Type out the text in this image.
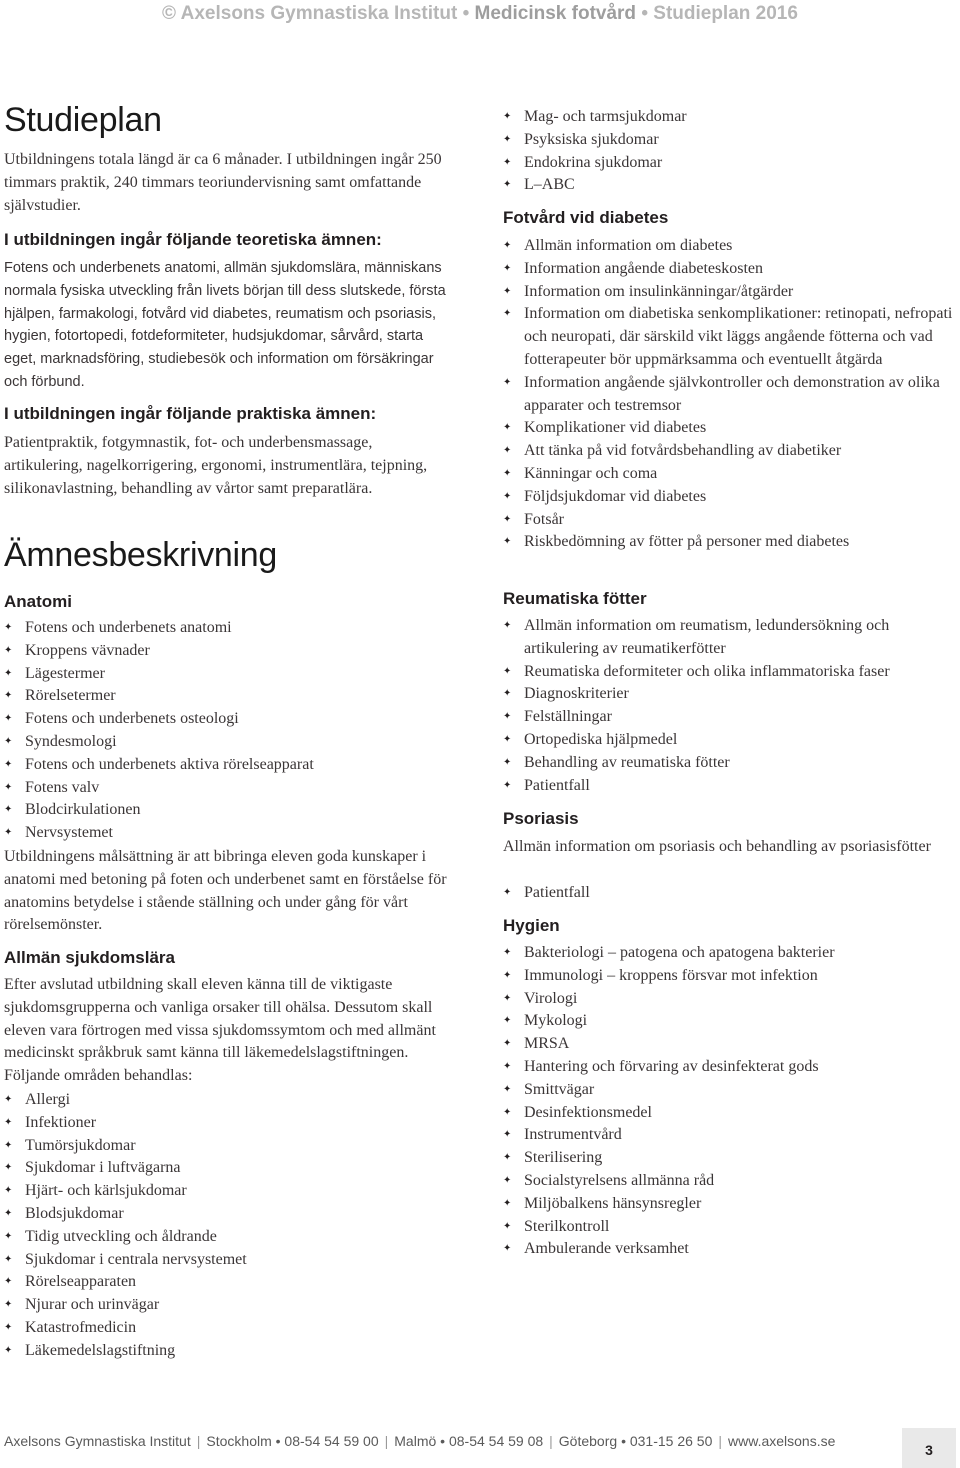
© Axelsons Gymnastiska Institut • Medicinsk fotvård • Studieplan 2016
Studieplan

Utbildningens totala längd är ca 6 månader. I utbildningen ingår 250 timmars praktik, 240 timmars teoriundervisning samt omfattande självstudier.

I utbildningen ingår följande teoretiska ämnen:

Fotens och underbenets anatomi, allmän sjukdomslära, människans normala fysiska utveckling från livets början till dess slutskede, första hjälpen, farmakologi, fotvård vid diabetes, reumatism och psoriasis, hygien, fotortopedi, fotdeformiteter, hudsjukdomar, sårvård, starta eget, marknadsföring, studiebesök och information om försäkringar och förbund.

I utbildningen ingår följande praktiska ämnen:

Patientpraktik, fotgymnastik, fot- och underbensmassage, artikulering, nagelkorrigering, ergonomi, instrumentlära, tejpning, silikonavlastning, behandling av vårtor samt preparatlära.

Ämnesbeskrivning
Anatomi
✦ Fotens och underbenets anatomi
✦ Kroppens vävnader
✦ Lägestermer
✦ Rörelsetermer
✦ Fotens och underbenets osteologi
✦ Syndesmologi
✦ Fotens och underbenets aktiva rörelseapparat
✦ Fotens valv
✦ Blodcirkulationen
✦ Nervsystemet

Utbildningens målsättning är att bibringa eleven goda kunskaper i anatomi med betoning på foten och underbenet samt en förståelse för anatomins betydelse i stående ställning och under gång för vårt rörelsemönster.

Allmän sjukdomslära

Efter avslutad utbildning skall eleven känna till de viktigaste sjukdomsgrupperna och vanliga orsaker till ohälsa. Dessutom skall eleven vara förtrogen med vissa sjukdomssymtom och med allmänt medicinskt språkbruk samt känna till läkemedelslagstiftningen. Följande områden behandlas:

✦ Allergi
✦ Infektioner
✦ Tumörsjukdomar
✦ Sjukdomar i luftvägarna
✦ Hjärt- och kärlsjukdomar
✦ Blodsjukdomar
✦ Tidig utveckling och åldrande
✦ Sjukdomar i centrala nervsystemet
✦ Rörelseapparaten
✦ Njurar och urinvägar
✦ Katastrofmedicin
✦ Läkemedelslagstiftning
✦ Mag- och tarmsjukdomar
✦ Psyksiska sjukdomar
✦ Endokrina sjukdomar
✦ L–ABC
Fotvård vid diabetes
✦ Allmän information om diabetes
✦ Information angående diabeteskosten
✦ Information om insulinkänningar/åtgärder
✦ Information om diabetiska senkomplikationer: retinopati, nefropati och neuropati, där särskild vikt läggs angående fötterna och vad fotterapeuter bör uppmärksamma och eventuellt åtgärda
✦ Information angående självkontroller och demonstration av olika apparater och testremsor
✦ Komplikationer vid diabetes
✦ Att tänka på vid fotvårdsbehandling av diabetiker
✦ Känningar och coma
✦ Följdsjukdomar vid diabetes
✦ Fotsår
✦ Riskbedömning av fötter på personer med diabetes
Reumatiska fötter
✦ Allmän information om reumatism, ledundersökning och artikulering av reumatikerfötter
✦ Reumatiska deformiteter och olika inflammatoriska faser
✦ Diagnoskriterier
✦ Felställningar
✦ Ortopediska hjälpmedel
✦ Behandling av reumatiska fötter
✦ Patientfall
Psoriasis

Allmän information om psoriasis och behandling av psoriasisfötter

✦ Patientfall
Hygien
✦ Bakteriologi – patogena och apatogena bakterier
✦ Immunologi – kroppens försvar mot infektion
✦ Virologi
✦ Mykologi
✦ MRSA
✦ Hantering och förvaring av desinfekterat gods
✦ Smittvägar
✦ Desinfektionsmedel
✦ Instrumentvård
✦ Sterilisering
✦ Socialstyrelsens allmänna råd
✦ Miljöbalkens hänsynsregler
✦ Sterilkontroll
✦ Ambulerande verksamhet
Axelsons Gymnastiska Institut | Stockholm • 08-54 54 59 00 | Malmö • 08-54 54 59 08 | Göteborg • 031-15 26 50 | www.axelsons.se
3
